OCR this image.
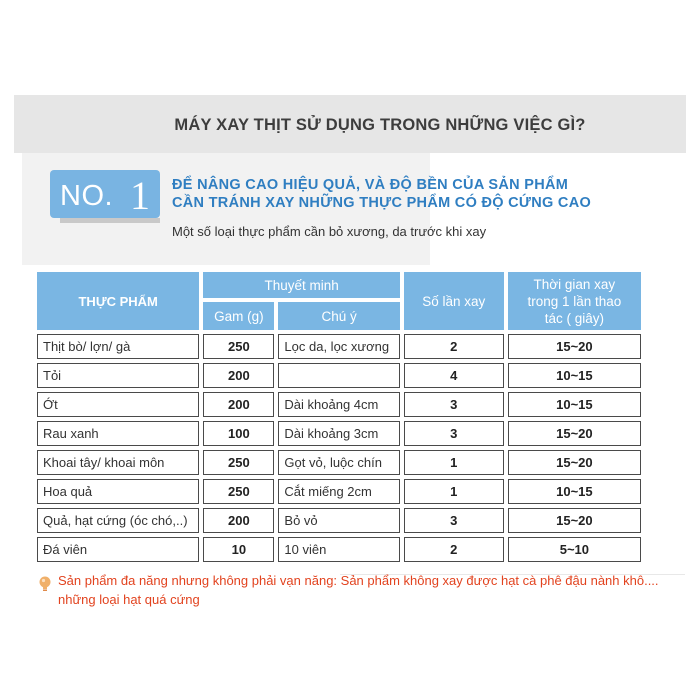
MÁY XAY THỊT SỬ DỤNG TRONG NHỮNG VIỆC GÌ?
NO. 1 ĐỂ NÂNG CAO HIỆU QUẢ, VÀ ĐỘ BỀN CỦA SẢN PHẨM
CẦN TRÁNH XAY NHỮNG THỰC PHẨM CÓ ĐỘ CỨNG CAO
Một số loại thực phẩm cần bỏ xương, da trước khi xay
THỰC PHẨM	Thuyết minh		Số lần xay	Thời gian xay trong 1 lần thao tác ( giây)
	Gam (g)	Chú ý		
Thịt bò/ lợn/ gà	250	Lọc da, lọc xương	2	15~20
Tỏi	200		4	10~15
Ớt	200	Dài khoảng 4cm	3	10~15
Rau xanh	100	Dài khoảng 3cm	3	15~20
Khoai tây/ khoai môn	250	Gọt vỏ, luộc chín	1	15~20
Hoa quả	250	Cắt miếng 2cm	1	10~15
Quả, hạt cứng (óc chó,..)	200	Bỏ vỏ	3	15~20
Đá viên	10	10 viên	2	5~10
Sản phẩm đa năng nhưng không phải vạn năng: Sản phẩm không xay được hạt cà phê đậu nành khô.... những loại hạt quá cứng
